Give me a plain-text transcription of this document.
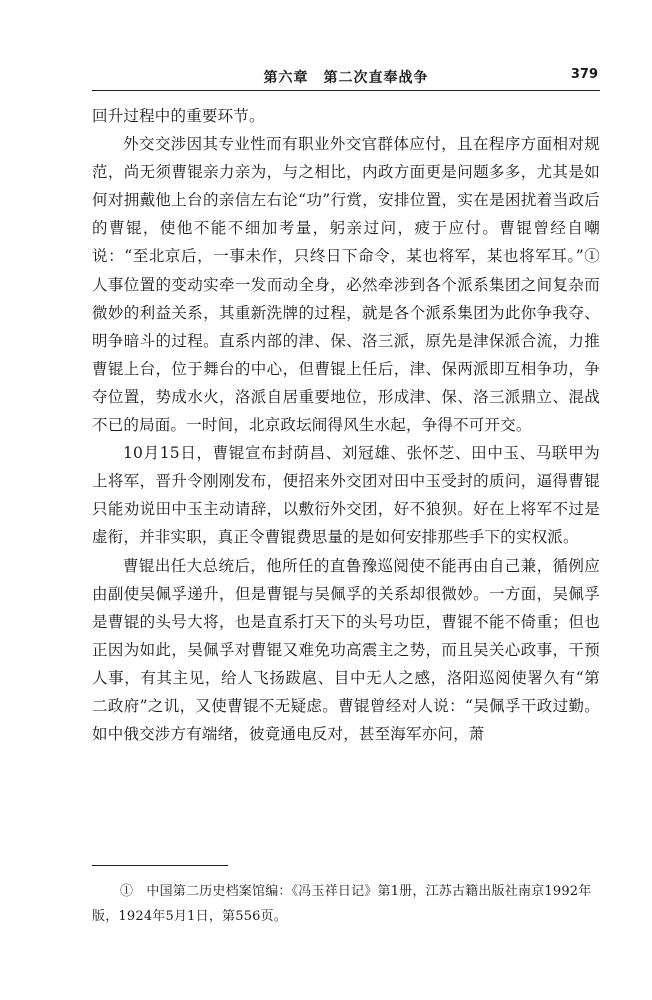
第六章　第二次直奉战争	379

回升过程中的重要环节。

外交交涉因其专业性而有职业外交官群体应付，且在程序方面相对规范，尚无须曹锟亲力亲为，与之相比，内政方面更是问题多多，尤其是如何对拥戴他上台的亲信左右论“功”行赏，安排位置，实在是困扰着当政后的曹锟，使他不能不细加考量，躬亲过问，疲于应付。曹锟曾经自嘲说：“至北京后，一事未作，只终日下命令，某也将军，某也将军耳。”①人事位置的变动实牵一发而动全身，必然牵涉到各个派系集团之间复杂而微妙的利益关系，其重新洗牌的过程，就是各个派系集团为此你争我夺、明争暗斗的过程。直系内部的津、保、洛三派，原先是津保派合流，力推曹锟上台，位于舞台的中心，但曹锟上任后，津、保两派即互相争功，争夺位置，势成水火，洛派自居重要地位，形成津、保、洛三派鼎立、混战不已的局面。一时间，北京政坛闹得风生水起，争得不可开交。

10月15日，曹锟宣布封荫昌、刘冠雄、张怀芝、田中玉、马联甲为上将军，晋升令刚刚发布，便招来外交团对田中玉受封的质问，逼得曹锟只能劝说田中玉主动请辞，以敷衍外交团，好不狼狈。好在上将军不过是虚衔，并非实职，真正令曹锟费思量的是如何安排那些手下的实权派。

曹锟出任大总统后，他所任的直鲁豫巡阅使不能再由自己兼，循例应由副使吴佩孚递升，但是曹锟与吴佩孚的关系却很微妙。一方面，吴佩孚是曹锟的头号大将，也是直系打天下的头号功臣，曹锟不能不倚重；但也正因为如此，吴佩孚对曹锟又难免功高震主之势，而且吴关心政事，干预人事，有其主见，给人飞扬跋扈、目中无人之感，洛阳巡阅使署久有“第二政府”之讥，又使曹锟不无疑虑。曹锟曾经对人说：“吴佩孚干政过勤。如中俄交涉方有端绪，彼竟通电反对，甚至海军亦问，萧

①　中国第二历史档案馆编：《冯玉祥日记》第1册，江苏古籍出版社南京1992年版，1924年5月1日，第556页。
